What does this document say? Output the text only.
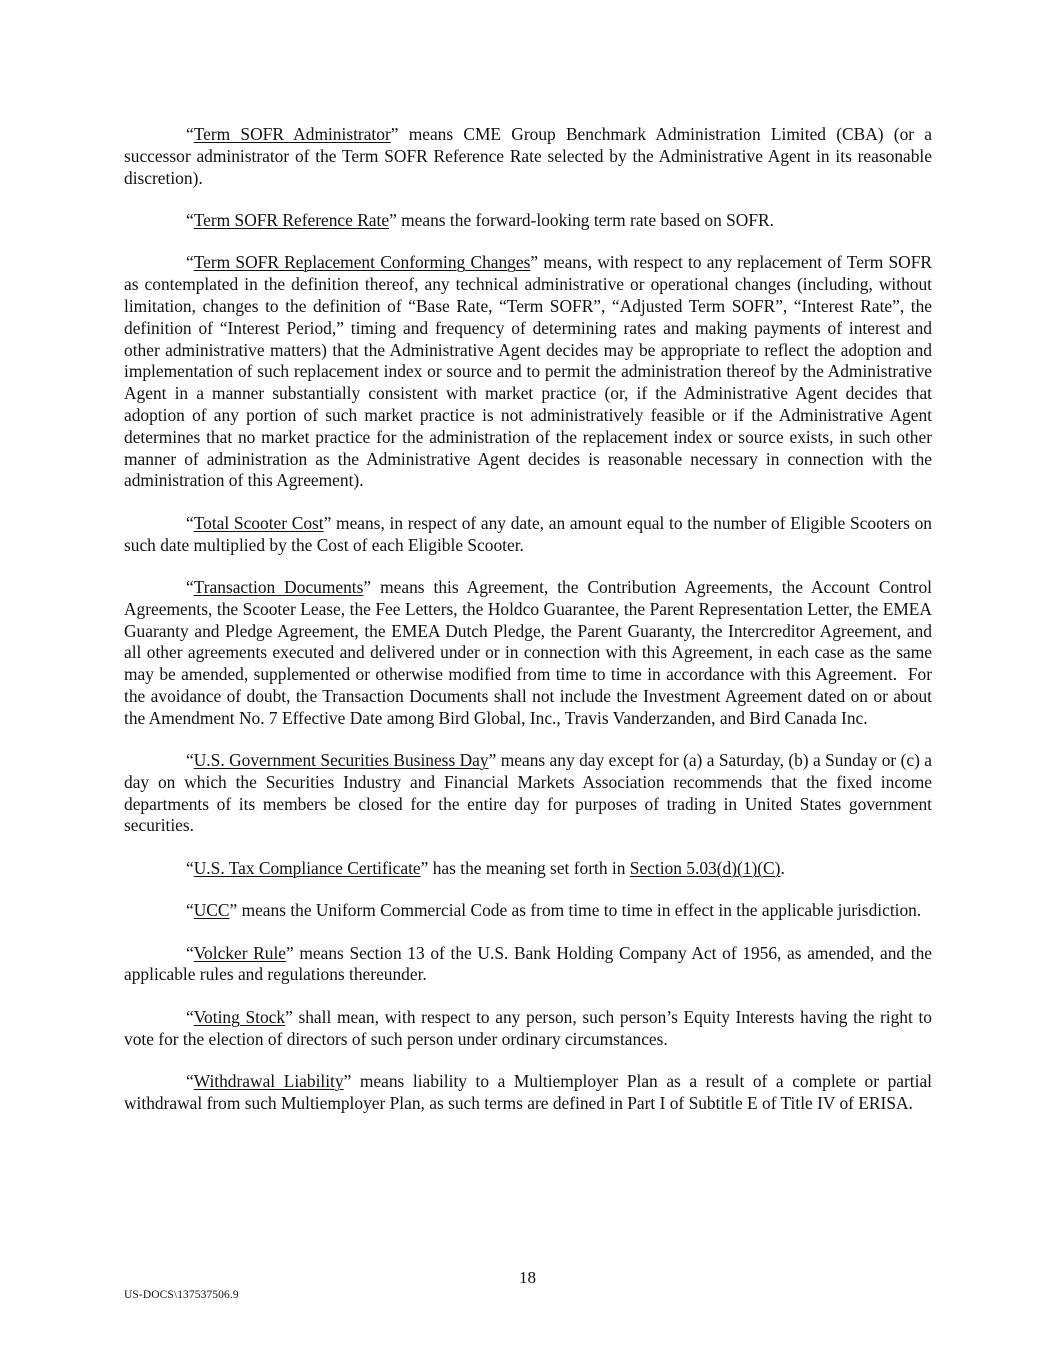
“Term SOFR Administrator” means CME Group Benchmark Administration Limited (CBA) (or a successor administrator of the Term SOFR Reference Rate selected by the Administrative Agent in its reasonable discretion).

“Term SOFR Reference Rate” means the forward-looking term rate based on SOFR.

“Term SOFR Replacement Conforming Changes” means, with respect to any replacement of Term SOFR as contemplated in the definition thereof, any technical administrative or operational changes (including, without limitation, changes to the definition of “Base Rate, “Term SOFR”, “Adjusted Term SOFR”, “Interest Rate”, the definition of “Interest Period,” timing and frequency of determining rates and making payments of interest and other administrative matters) that the Administrative Agent decides may be appropriate to reflect the adoption and implementation of such replacement index or source and to permit the administration thereof by the Administrative Agent in a manner substantially consistent with market practice (or, if the Administrative Agent decides that adoption of any portion of such market practice is not administratively feasible or if the Administrative Agent determines that no market practice for the administration of the replacement index or source exists, in such other manner of administration as the Administrative Agent decides is reasonable necessary in connection with the administration of this Agreement).

“Total Scooter Cost” means, in respect of any date, an amount equal to the number of Eligible Scooters on such date multiplied by the Cost of each Eligible Scooter.

“Transaction Documents” means this Agreement, the Contribution Agreements, the Account Control Agreements, the Scooter Lease, the Fee Letters, the Holdco Guarantee, the Parent Representation Letter, the EMEA Guaranty and Pledge Agreement, the EMEA Dutch Pledge, the Parent Guaranty, the Intercreditor Agreement, and all other agreements executed and delivered under or in connection with this Agreement, in each case as the same may be amended, supplemented or otherwise modified from time to time in accordance with this Agreement.  For the avoidance of doubt, the Transaction Documents shall not include the Investment Agreement dated on or about the Amendment No. 7 Effective Date among Bird Global, Inc., Travis Vanderzanden, and Bird Canada Inc.

“U.S. Government Securities Business Day” means any day except for (a) a Saturday, (b) a Sunday or (c) a day on which the Securities Industry and Financial Markets Association recommends that the fixed income departments of its members be closed for the entire day for purposes of trading in United States government securities.

“U.S. Tax Compliance Certificate” has the meaning set forth in Section 5.03(d)(1)(C).

“UCC” means the Uniform Commercial Code as from time to time in effect in the applicable jurisdiction.

“Volcker Rule” means Section 13 of the U.S. Bank Holding Company Act of 1956, as amended, and the applicable rules and regulations thereunder.

“Voting Stock” shall mean, with respect to any person, such person’s Equity Interests having the right to vote for the election of directors of such person under ordinary circumstances.

“Withdrawal Liability” means liability to a Multiemployer Plan as a result of a complete or partial withdrawal from such Multiemployer Plan, as such terms are defined in Part I of Subtitle E of Title IV of ERISA.

18
US-DOCS\137537506.9
